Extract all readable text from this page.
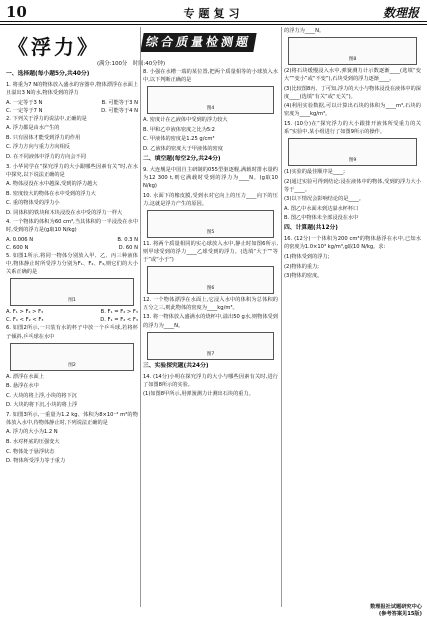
10	专题复习	数理报
《浮力》	综合质量检测题
(满分:100分　时间:40分钟)
一、选择题(每小题5分,共40分)

1. 将重为7 N的物体放入盛水的容器中,物体漂浮在水面上且溢出3 N的水,物体受到的浮力

A. 一定等于3 N	B. 可能等于3 N
C. 一定等于7 N	D. 可能等于4 N

2. 下列关于浮力的说法中,正确的是

A. 浮力都是由水产生的

B. 只有固体才能受到浮力的作用

C. 浮力方向与重力方向相反

D. 在不同液体中浮力的方向会不同

3. 小华同学在“探究浮力的大小跟哪些因素有关”时,在水中探究,以下说法正确的是

A. 物体浸没在水中越深,受到的浮力越大

B. 密度较大的物体在水中受到的浮力大

C. 重的物体受的浮力小

D. 同体积的铁块和木块浸没在水中受的浮力一样大

4. 一个物体的体积为60 cm³,当其体积的一半浸没在水中时,受到的浮力是(g取10 N/kg)

A. 0.006 N	B. 0.3 N
C. 600 N	D. 60 N

5. 如图1所示,将同一物体分别放入甲、乙、丙三种液体中,物体静止时所受浮力分别为F₁、F₂、F₃,则它们的大小关系正确的是

图1
A. F₁ > F₂ > F₃	B. F₁ = F₂ > F₃
C. F₁ < F₂ < F₃	D. F₁ = F₂ < F₃

6. 如图2所示,一只装有水的杯子中放一个乒乓球,若将杯子倾斜,乒乓球在水中

图2

A. 漂浮在水面上

B. 悬浮在水中

C. 大块的将上浮,小块的将下沉

D. 大块的将下沉,小块的将上浮

7. 如图3所示,一重量为1.2 kg、体积为8×10⁻⁴ m³的物体放入水中,待物体静止时,下列说法正确的是

A. 浮力的大小为1.2 N

B. 水对杯底的压强变大

C. 物体处于悬浮状态

D. 物体所受浮力等于重力

8. 小强在水槽一端的某位置,把两个质量相等的小球放入水中,以下判断正确的是

图4

A. 密度计在乙液体中受到的浮力较大

B. 甲和乙中液体密度之比为5∶2

C. 甲液体的密度是1.25 g/cm³

D. 乙液体的密度大于甲液体的密度

二、填空题(每空2分,共24分)

9. 大连舰是中国自主研制的055型驱逐舰,满载时排水量约为12 300 t,则它满载时受到的浮力为____N。(g取10 N/kg)

10. 水面下的橡皮膜,受到水对它向上的压力____向下的压力,这就是浮力产生的原因。

图5

11. 将两个质量相同的实心球放入水中,静止时如图6所示,则甲球受到的浮力____乙球受到的浮力。(选填“大于”“等于”或“小于”)

图6

12. 一个物体漂浮在水面上,它浸入水中的体积为总体积的五分之三,则此物体的密度为____kg/m³。

13. 将一物体放入盛满水的烧杯中,溢出50 g水,则物体受到的浮力为____N。

图7
三、实验探究题(共24分)

14. (14分)小明在探究浮力的大小与哪些因素有关时,进行了如图8所示的实验。

(1)如图8甲所示,用弹簧测力计测出石块的重力。

的浮力为____N。

图8

(2)将石块缓慢浸入水中,弹簧测力计示数逐渐____(选填“变大”“变小”或“不变”),石块受到的浮力逐渐____。

(3)比较图8丙、丁可知,浮力的大小与物体浸没在液体中的深度____(选填“有关”或“无关”)。

(4)利用实验数据,可以计算出石块的体积为____m³,石块的密度为____kg/m³。

15. (10分)在“探究浮力的大小跟排开液体所受重力的关系”实验中,某小组进行了如图9所示的操作。

图9

(1)实验的最佳顺序是____;

(2)通过实验可得到结论:浸在液体中的物体,受到的浮力大小等于____。

(3)以下情况会影响结论的是____。

A. 图乙中水面未到达溢水杯杯口

B. 图乙中物体未全部浸没在水中

四、计算题(共12分)

16. (12分)一个体积为200 cm³的物体悬浮在水中,已知水的密度为1.0×10³ kg/m³,g取10 N/kg。求:

(1)物体受到的浮力;

(2)物体的重力;

(3)物体的密度。

数理报社试题研究中心
(参考答案见15版)
